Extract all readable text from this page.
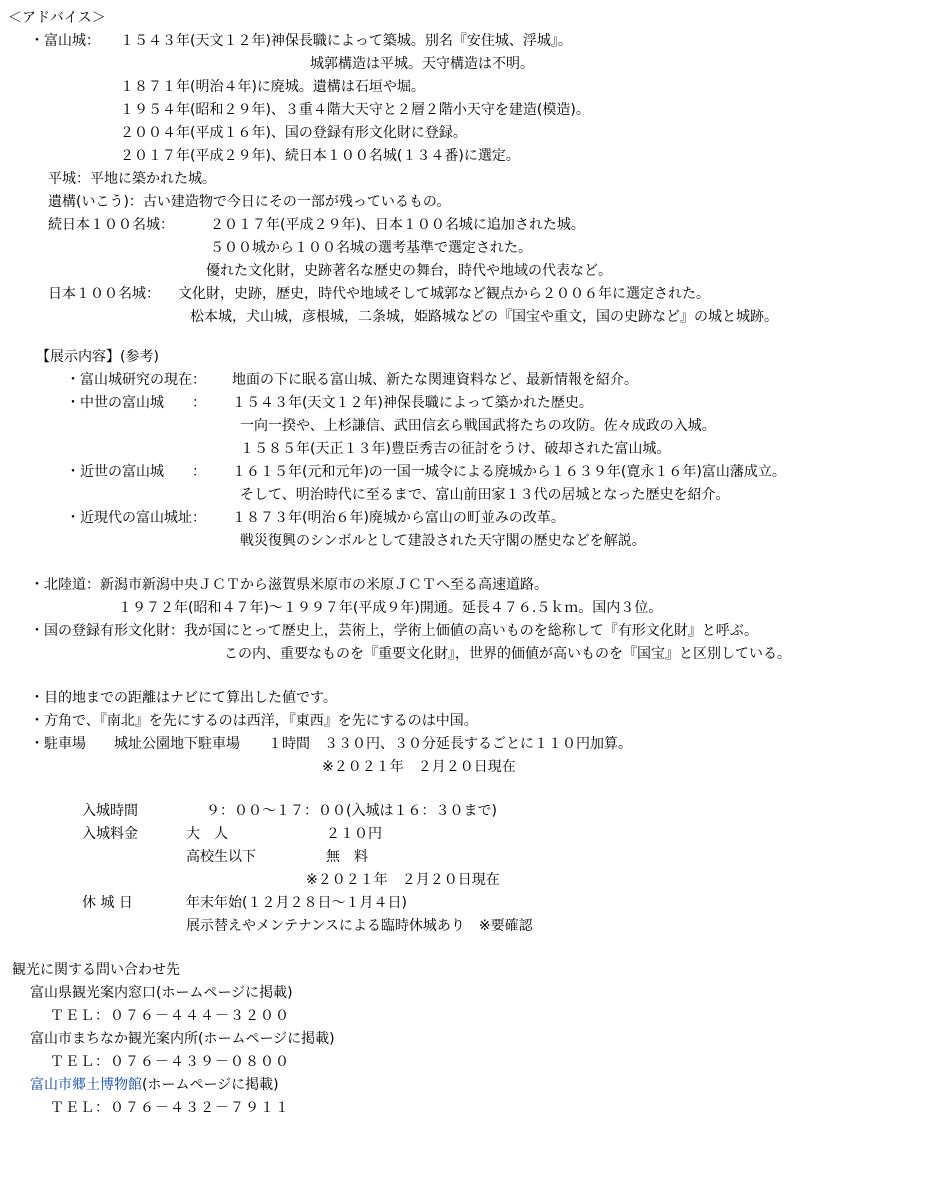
＜アドバイス＞
・富山城： １５４３年(天文１２年)神保長職によって築城。別名『安住城、浮城』。
城郭構造は平城。天守構造は不明。
１８７１年(明治４年)に廃城。遺構は石垣や堀。
１９５４年(昭和２９年)、３重４階大天守と２層２階小天守を建造(模造)。
２００４年(平成１６年)、国の登録有形文化財に登録。
２０１７年(平成２９年)、続日本１００名城(１３４番)に選定。
平城：平地に築かれた城。
遺構(いこう)：古い建造物で今日にその一部が残っているもの。
続日本１００名城：	２０１７年(平成２９年)、日本１００名城に追加された城。
５００城から１００名城の選考基準で選定された。
優れた文化財，史跡著名な歴史の舞台，時代や地域の代表など。
日本１００名城： 文化財，史跡，歴史，時代や地域そして城郭など観点から２００６年に選定された。
松本城，犬山城，彦根城，二条城，姫路城などの『国宝や重文，国の史跡など』の城と城跡。
【展示内容】(参考)
・富山城研究の現在： 地面の下に眠る富山城、新たな関連資料など、最新情報を紹介。
・中世の富山城　　： １５４３年(天文１２年)神保長職によって築かれた歴史。
一向一揆や、上杉謙信、武田信玄ら戦国武将たちの攻防。佐々成政の入城。
１５８５年(天正１３年)豊臣秀吉の征討をうけ、破却された富山城。
・近世の富山城　　： １６１５年(元和元年)の一国一城令による廃城から１６３９年(寛永１６年)富山藩成立。
そして、明治時代に至るまで、富山前田家１３代の居城となった歴史を紹介。
・近現代の富山城址： １８７３年(明治６年)廃城から富山の町並みの改革。
戦災復興のシンボルとして建設された天守閣の歴史などを解説。
・北陸道：新潟市新潟中央ＪＣＴから滋賀県米原市の米原ＪＣＴへ至る高速道路。
１９７２年(昭和４７年)～１９９７年(平成９年)開通。延長４７６.５ｋｍ。国内３位。
・国の登録有形文化財：我が国にとって歴史上，芸術上，学術上価値の高いものを総称して『有形文化財』と呼ぶ。
この内、重要なものを『重要文化財』，世界的価値が高いものを『国宝』と区別している。
・目的地までの距離はナビにて算出した値です。
・方角で、『南北』を先にするのは西洋，『東西』を先にするのは中国。
・駐車場　　城址公園地下駐車場　　１時間　３３０円、３０分延長するごとに１１０円加算。
※２０２１年　２月２０日現在
入城時間	９：００～１７：００(入城は１６：３０まで)
入城料金	大　人	２１０円
高校生以下	無　料
※２０２１年　２月２０日現在
休 城 日	年末年始(１２月２８日～１月４日)
展示替えやメンテナンスによる臨時休城あり　※要確認
観光に関する問い合わせ先
富山県観光案内窓口(ホームページに掲載)
ＴＥＬ：０７６－４４４－３２００
富山市まちなか観光案内所(ホームページに掲載)
ＴＥＬ：０７６－４３９－０８００
富山市郷土博物館(ホームページに掲載)
ＴＥＬ：０７６－４３２－７９１１
